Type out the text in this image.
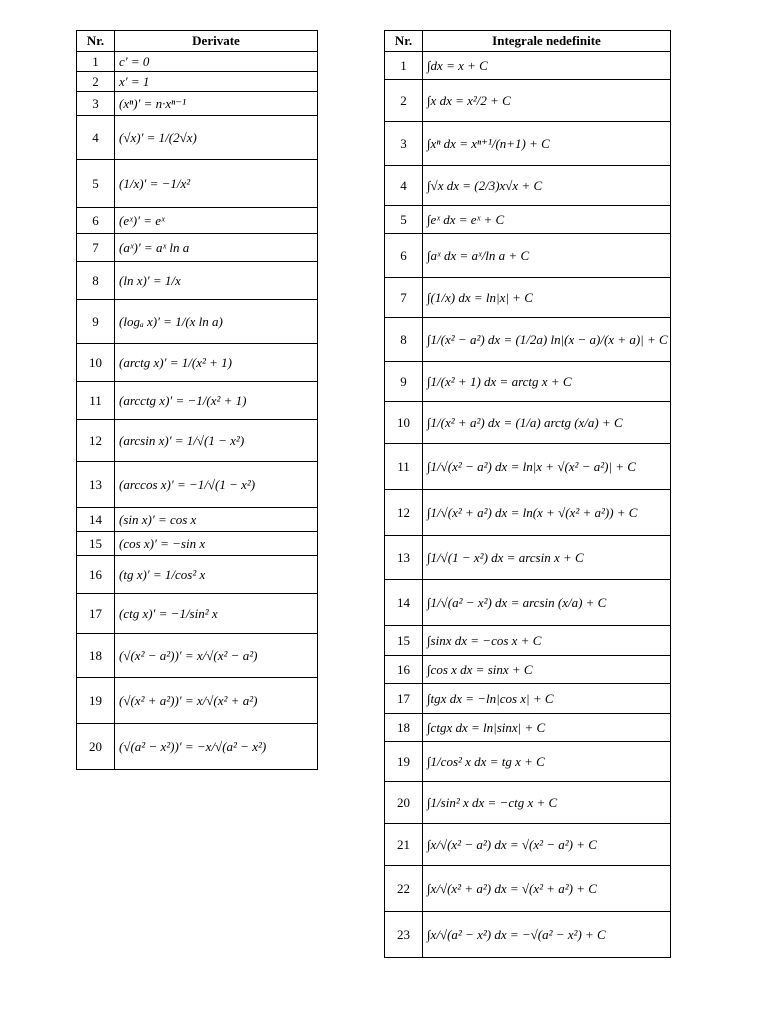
Nr.	Derivate
1	c′ = 0
2	x′ = 1
3	(xⁿ)′ = n·xⁿ⁻¹
4	(√x)′ = 1/(2√x)
5	(1/x)′ = −1/x²
6	(eˣ)′ = eˣ
7	(aˣ)′ = aˣ ln a
8	(ln x)′ = 1/x
9	(logₐ x)′ = 1/(x ln a)
10	(arctg x)′ = 1/(x² + 1)
11	(arcctg x)′ = −1/(x² + 1)
12	(arcsin x)′ = 1/√(1 − x²)
13	(arccos x)′ = −1/√(1 − x²)
14	(sin x)′ = cos x
15	(cos x)′ = −sin x
16	(tg x)′ = 1/cos² x
17	(ctg x)′ = −1/sin² x
18	(√(x² − a²))′ = x/√(x² − a²)
19	(√(x² + a²))′ = x/√(x² + a²)
20	(√(a² − x²))′ = −x/√(a² − x²)
Nr.	Integrale nedefinite
1	∫dx = x + C
2	∫x dx = x²/2 + C
3	∫xⁿ dx = xⁿ⁺¹/(n+1) + C
4	∫√x dx = (2/3)x√x + C
5	∫eˣ dx = eˣ + C
6	∫aˣ dx = aˣ/ln a + C
7	∫(1/x) dx = ln|x| + C
8	∫1/(x² − a²) dx = (1/2a) ln|(x − a)/(x + a)| + C
9	∫1/(x² + 1) dx = arctg x + C
10	∫1/(x² + a²) dx = (1/a) arctg (x/a) + C
11	∫1/√(x² − a²) dx = ln|x + √(x² − a²)| + C
12	∫1/√(x² + a²) dx = ln(x + √(x² + a²)) + C
13	∫1/√(1 − x²) dx = arcsin x + C
14	∫1/√(a² − x²) dx = arcsin (x/a) + C
15	∫sinx dx = −cos x + C
16	∫cos x dx = sinx + C
17	∫tgx dx = −ln|cos x| + C
18	∫ctgx dx = ln|sinx| + C
19	∫1/cos² x dx = tg x + C
20	∫1/sin² x dx = −ctg x + C
21	∫x/√(x² − a²) dx = √(x² − a²) + C
22	∫x/√(x² + a²) dx = √(x² + a²) + C
23	∫x/√(a² − x²) dx = −√(a² − x²) + C
